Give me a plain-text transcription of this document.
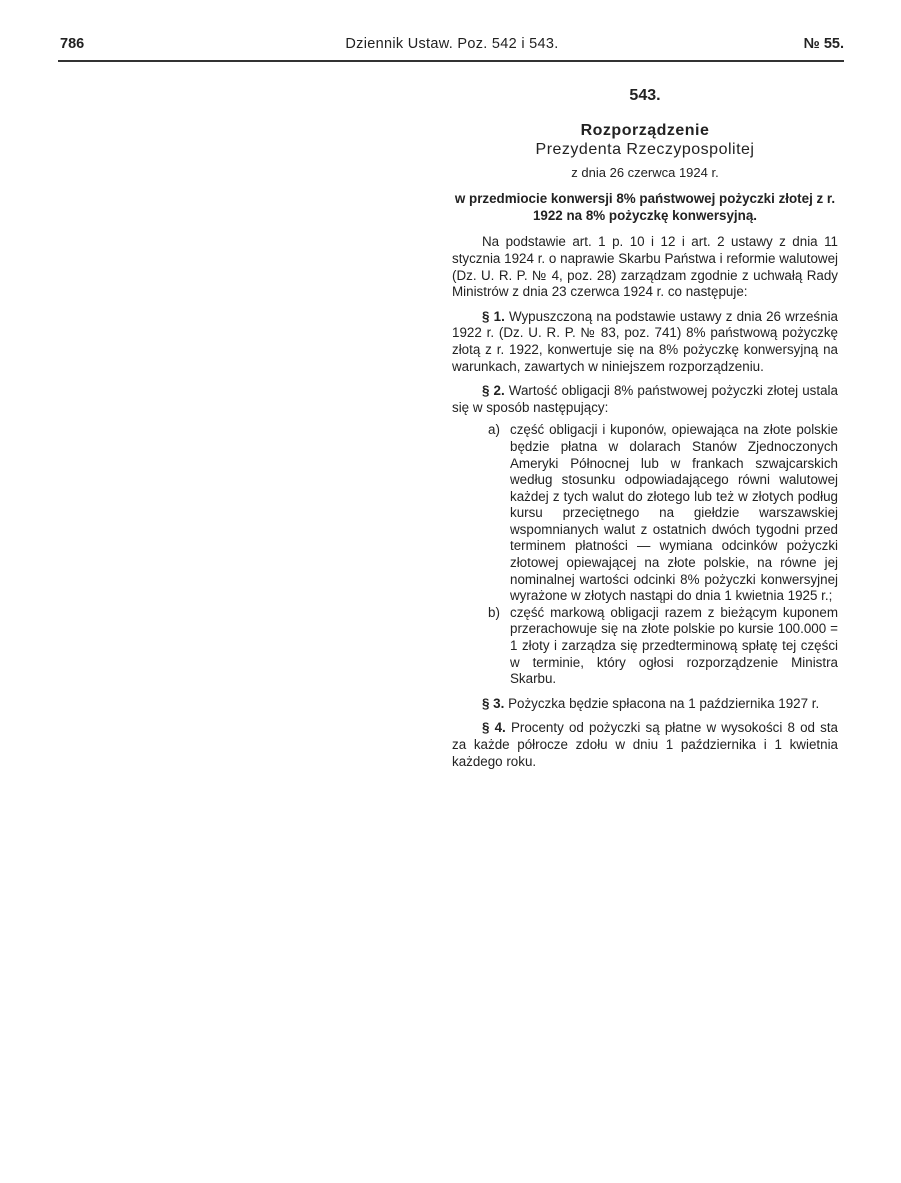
786	Dziennik Ustaw. Poz. 542 i 543.	№ 55.
543.
Rozporządzenie
Prezydenta Rzeczypospolitej
z dnia 26 czerwca 1924 r.
w przedmiocie konwersji 8% państwowej pożyczki złotej z r. 1922 na 8% pożyczkę konwersyjną.

Na podstawie art. 1 p. 10 i 12 i art. 2 ustawy z dnia 11 stycznia 1924 r. o naprawie Skarbu Państwa i reformie walutowej (Dz. U. R. P. № 4, poz. 28) zarządzam zgodnie z uchwałą Rady Ministrów z dnia 23 czerwca 1924 r. co następuje:

§ 1. Wypuszczoną na podstawie ustawy z dnia 26 września 1922 r. (Dz. U. R. P. № 83, poz. 741) 8% państwową pożyczkę złotą z r. 1922, konwertuje się na 8% pożyczkę konwersyjną na warunkach, zawartych w niniejszem rozporządzeniu.

§ 2. Wartość obligacji 8% państwowej pożyczki złotej ustala się w sposób następujący:

a) część obligacji i kuponów, opiewająca na złote polskie będzie płatna w dolarach Stanów Zjednoczonych Ameryki Północnej lub w frankach szwajcarskich według stosunku odpowiadającego równi walutowej każdej z tych walut do złotego lub też w złotych podług kursu przeciętnego na giełdzie warszawskiej wspomnianych walut z ostatnich dwóch tygodni przed terminem płatności — wymiana odcinków pożyczki złotowej opiewającej na złote polskie, na równe jej nominalnej wartości odcinki 8% pożyczki konwersyjnej wyrażone w złotych nastąpi do dnia 1 kwietnia 1925 r.;
b) część markową obligacji razem z bieżącym kuponem przerachowuje się na złote polskie po kursie 100.000 = 1 złoty i zarządza się przedterminową spłatę tej części w terminie, który ogłosi rozporządzenie Ministra Skarbu.

§ 3. Pożyczka będzie spłacona na 1 października 1927 r.

§ 4. Procenty od pożyczki są płatne w wysokości 8 od sta za każde półrocze zdołu w dniu 1 października i 1 kwietnia każdego roku.
